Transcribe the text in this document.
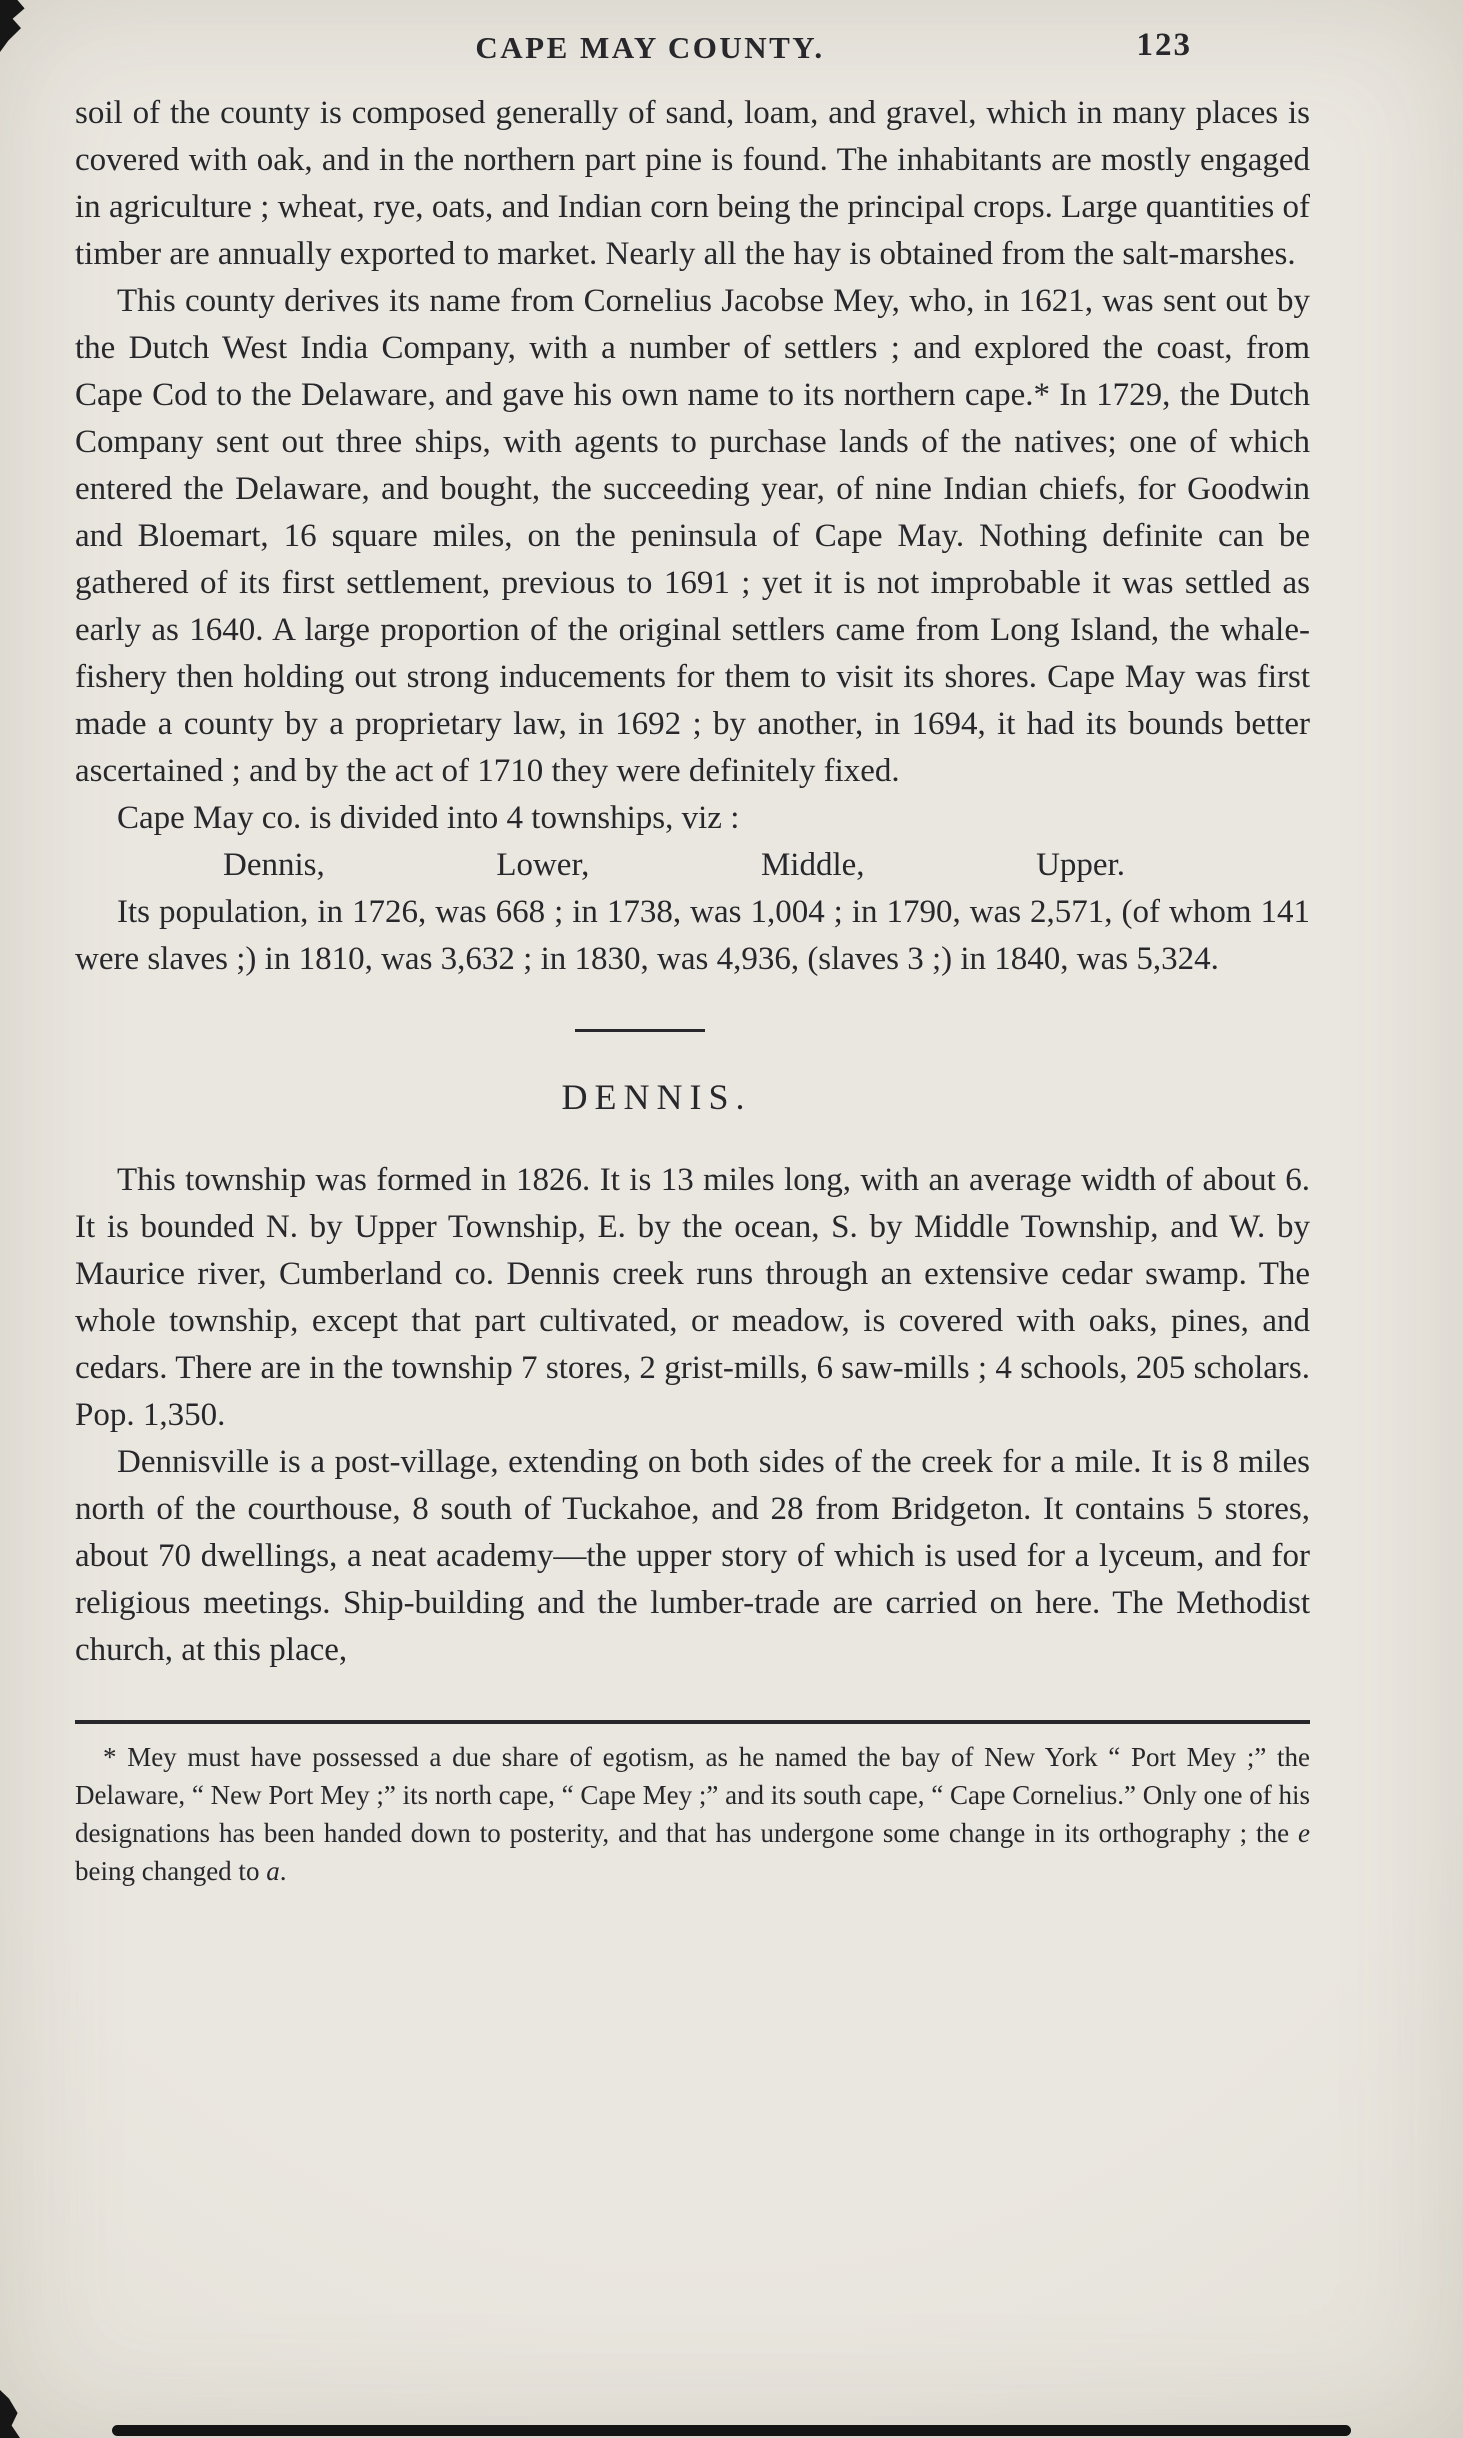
CAPE MAY COUNTY.	123

soil of the county is composed generally of sand, loam, and gravel, which in many places is covered with oak, and in the northern part pine is found. The inhabitants are mostly engaged in agriculture ; wheat, rye, oats, and Indian corn being the principal crops. Large quantities of timber are annually exported to market. Nearly all the hay is obtained from the salt-marshes.

This county derives its name from Cornelius Jacobse Mey, who, in 1621, was sent out by the Dutch West India Company, with a number of settlers ; and explored the coast, from Cape Cod to the Delaware, and gave his own name to its northern cape.* In 1729, the Dutch Company sent out three ships, with agents to purchase lands of the natives; one of which entered the Delaware, and bought, the succeeding year, of nine Indian chiefs, for Goodwin and Bloemart, 16 square miles, on the peninsula of Cape May. Nothing definite can be gathered of its first settlement, previous to 1691 ; yet it is not improbable it was settled as early as 1640. A large proportion of the original settlers came from Long Island, the whale-fishery then holding out strong inducements for them to visit its shores. Cape May was first made a county by a proprietary law, in 1692 ; by another, in 1694, it had its bounds better ascertained ; and by the act of 1710 they were definitely fixed.

Cape May co. is divided into 4 townships, viz :

Dennis,	Lower,	Middle,	Upper.

Its population, in 1726, was 668 ; in 1738, was 1,004 ; in 1790, was 2,571, (of whom 141 were slaves ;) in 1810, was 3,632 ; in 1830, was 4,936, (slaves 3 ;) in 1840, was 5,324.

DENNIS.

This township was formed in 1826. It is 13 miles long, with an average width of about 6. It is bounded N. by Upper Township, E. by the ocean, S. by Middle Township, and W. by Maurice river, Cumberland co. Dennis creek runs through an extensive cedar swamp. The whole township, except that part cultivated, or meadow, is covered with oaks, pines, and cedars. There are in the township 7 stores, 2 grist-mills, 6 saw-mills ; 4 schools, 205 scholars. Pop. 1,350.

Dennisville is a post-village, extending on both sides of the creek for a mile. It is 8 miles north of the courthouse, 8 south of Tuckahoe, and 28 from Bridgeton. It contains 5 stores, about 70 dwellings, a neat academy—the upper story of which is used for a lyceum, and for religious meetings. Ship-building and the lumber-trade are carried on here. The Methodist church, at this place,

* Mey must have possessed a due share of egotism, as he named the bay of New York “ Port Mey ;” the Delaware, “ New Port Mey ;” its north cape, “ Cape Mey ;” and its south cape, “ Cape Cornelius.” Only one of his designations has been handed down to posterity, and that has undergone some change in its orthography ; the e being changed to a.
